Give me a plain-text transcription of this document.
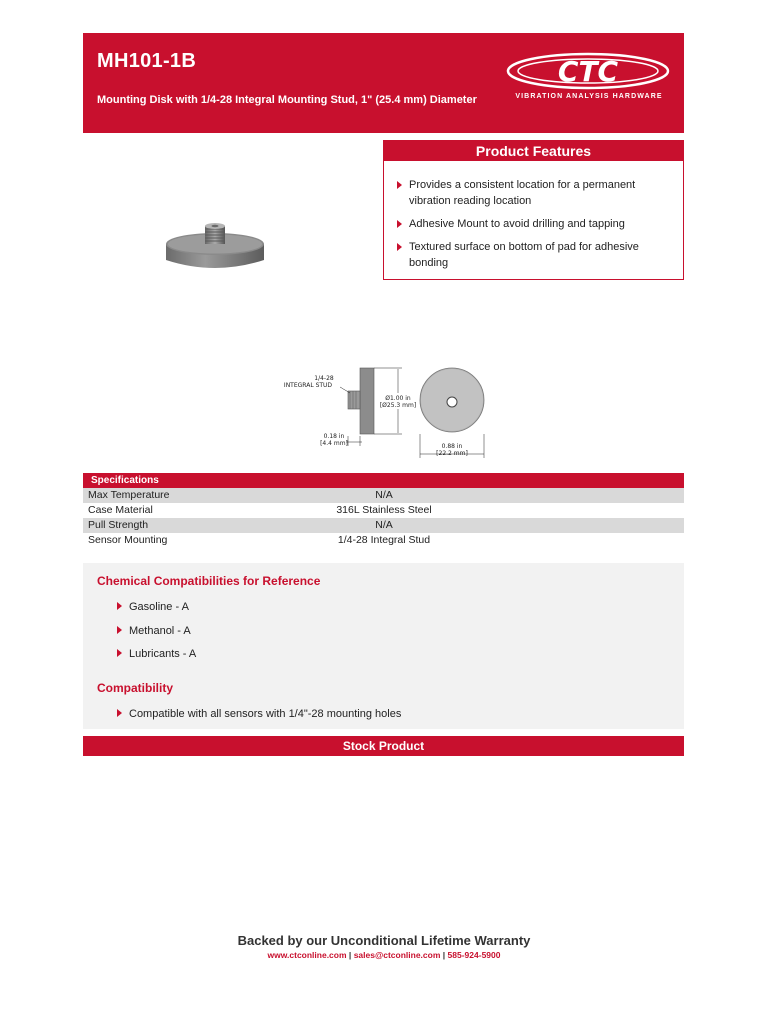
MH101-1B
Mounting Disk with 1/4-28 Integral Mounting Stud, 1" (25.4 mm) Diameter
CTC
VIBRATION ANALYSIS HARDWARE
Product Features
Provides a consistent location for a permanent vibration reading location
Adhesive Mount to avoid drilling and tapping
Textured surface on bottom of pad for adhesive bonding
1/4-28
INTEGRAL STUD
Ø1.00 in
[Ø25.3 mm]
0.18 in
[4.4 mm]	0.88 in
[22.2 mm]
Specifications
Max Temperature	N/A
Case Material	316L Stainless Steel
Pull Strength	N/A
Sensor Mounting	1/4-28 Integral Stud
Chemical Compatibilities for Reference
Gasoline - A
Methanol - A
Lubricants - A
Compatibility
Compatible with all sensors with 1/4"-28 mounting holes
Stock Product
Backed by our Unconditional Lifetime Warranty
www.ctconline.com | sales@ctconline.com | 585-924-5900
